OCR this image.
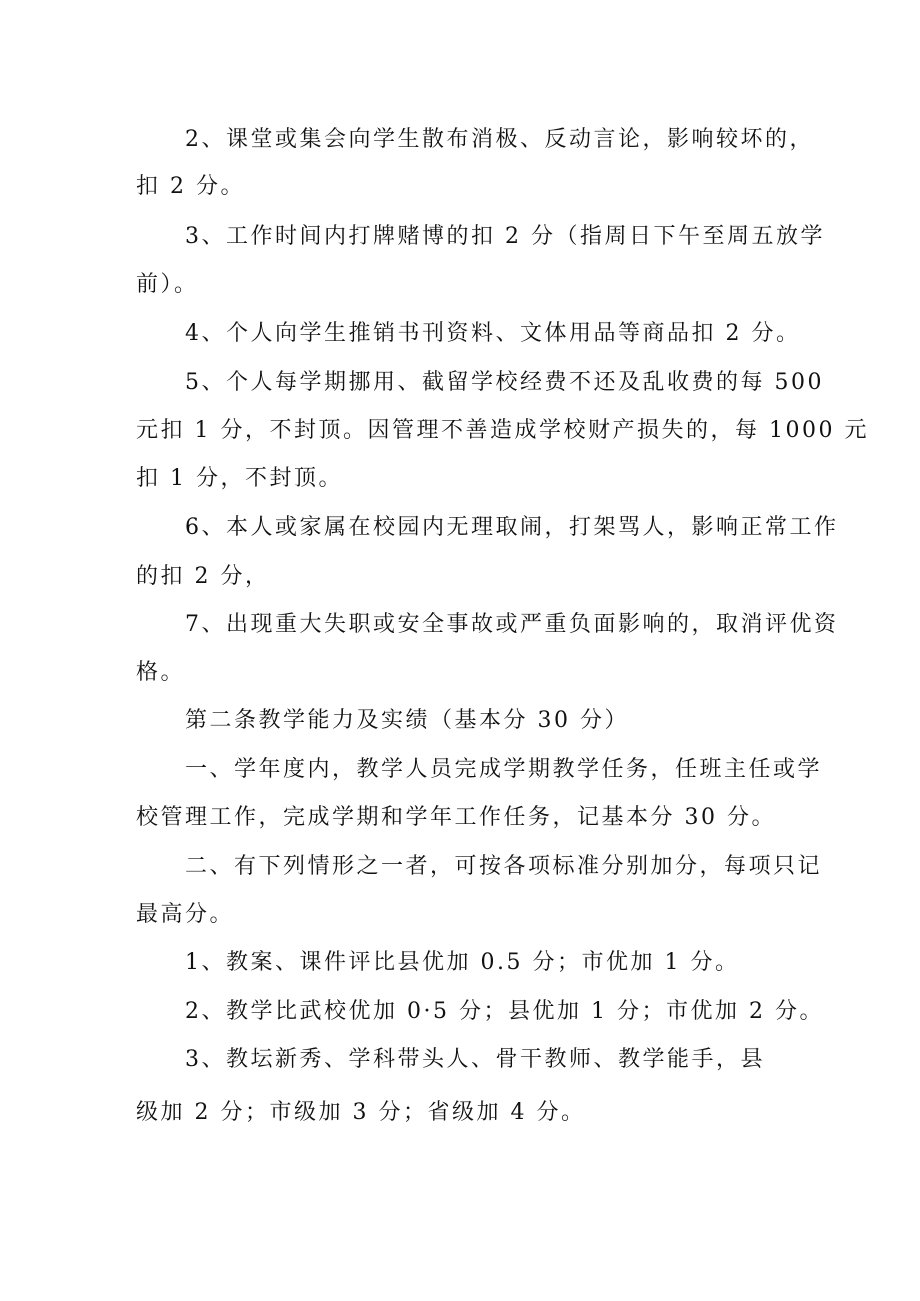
2、课堂或集会向学生散布消极、反动言论，影响较坏的，

扣 2 分。

3、工作时间内打牌赌博的扣 2 分（指周日下午至周五放学

前）。

4、个人向学生推销书刊资料、文体用品等商品扣 2 分。

5、个人每学期挪用、截留学校经费不还及乱收费的每 500

元扣 1 分，不封顶。因管理不善造成学校财产损失的，每 1000 元

扣 1 分，不封顶。

6、本人或家属在校园内无理取闹，打架骂人，影响正常工作

的扣 2 分，

7、出现重大失职或安全事故或严重负面影响的，取消评优资

格。

第二条教学能力及实绩（基本分 30 分）

一、学年度内，教学人员完成学期教学任务，任班主任或学

校管理工作，完成学期和学年工作任务，记基本分 30 分。

二、有下列情形之一者，可按各项标准分别加分，每项只记

最高分。

1、教案、课件评比县优加 0.5 分；市优加 1 分。

2、教学比武校优加 0·5 分；县优加 1 分；市优加 2 分。

3、教坛新秀、学科带头人、骨干教师、教学能手，县

级加 2 分；市级加 3 分；省级加 4 分。
